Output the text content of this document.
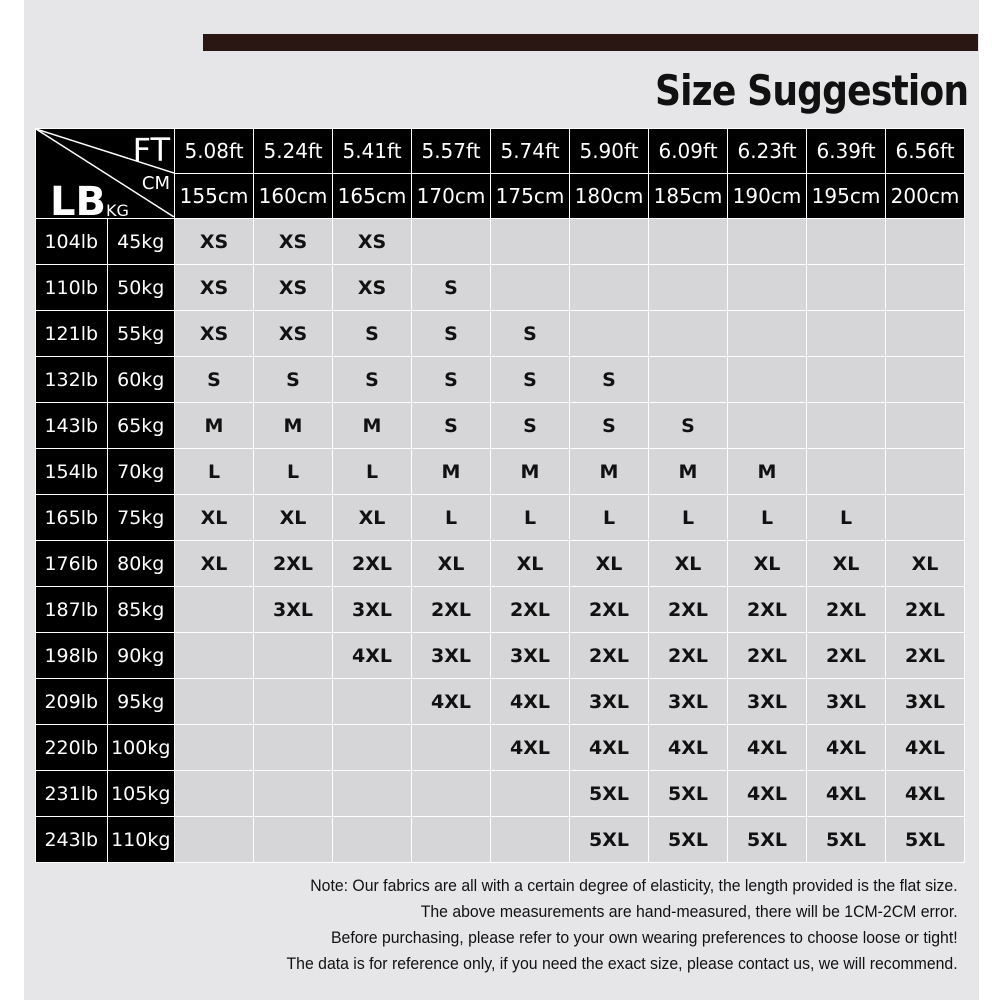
Size Suggestion
FT
CM
LB KG		5.08ft	5.24ft	5.41ft	5.57ft	5.74ft	5.90ft	6.09ft	6.23ft	6.39ft	6.56ft
		155cm	160cm	165cm	170cm	175cm	180cm	185cm	190cm	195cm	200cm
104lb	45kg	XS	XS	XS							
110lb	50kg	XS	XS	XS	S						
121lb	55kg	XS	XS	S	S	S					
132lb	60kg	S	S	S	S	S	S				
143lb	65kg	M	M	M	S	S	S	S			
154lb	70kg	L	L	L	M	M	M	M	M		
165lb	75kg	XL	XL	XL	L	L	L	L	L	L	
176lb	80kg	XL	2XL	2XL	XL	XL	XL	XL	XL	XL	XL
187lb	85kg		3XL	3XL	2XL	2XL	2XL	2XL	2XL	2XL	2XL
198lb	90kg			4XL	3XL	3XL	2XL	2XL	2XL	2XL	2XL
209lb	95kg				4XL	4XL	3XL	3XL	3XL	3XL	3XL
220lb	100kg					4XL	4XL	4XL	4XL	4XL	4XL
231lb	105kg						5XL	5XL	4XL	4XL	4XL
243lb	110kg						5XL	5XL	5XL	5XL	5XL
Note: Our fabrics are all with a certain degree of elasticity, the length provided is the flat size.
The above measurements are hand-measured, there will be 1CM-2CM error.
Before purchasing, please refer to your own wearing preferences to choose loose or tight!
The data is for reference only, if you need the exact size, please contact us, we will recommend.
